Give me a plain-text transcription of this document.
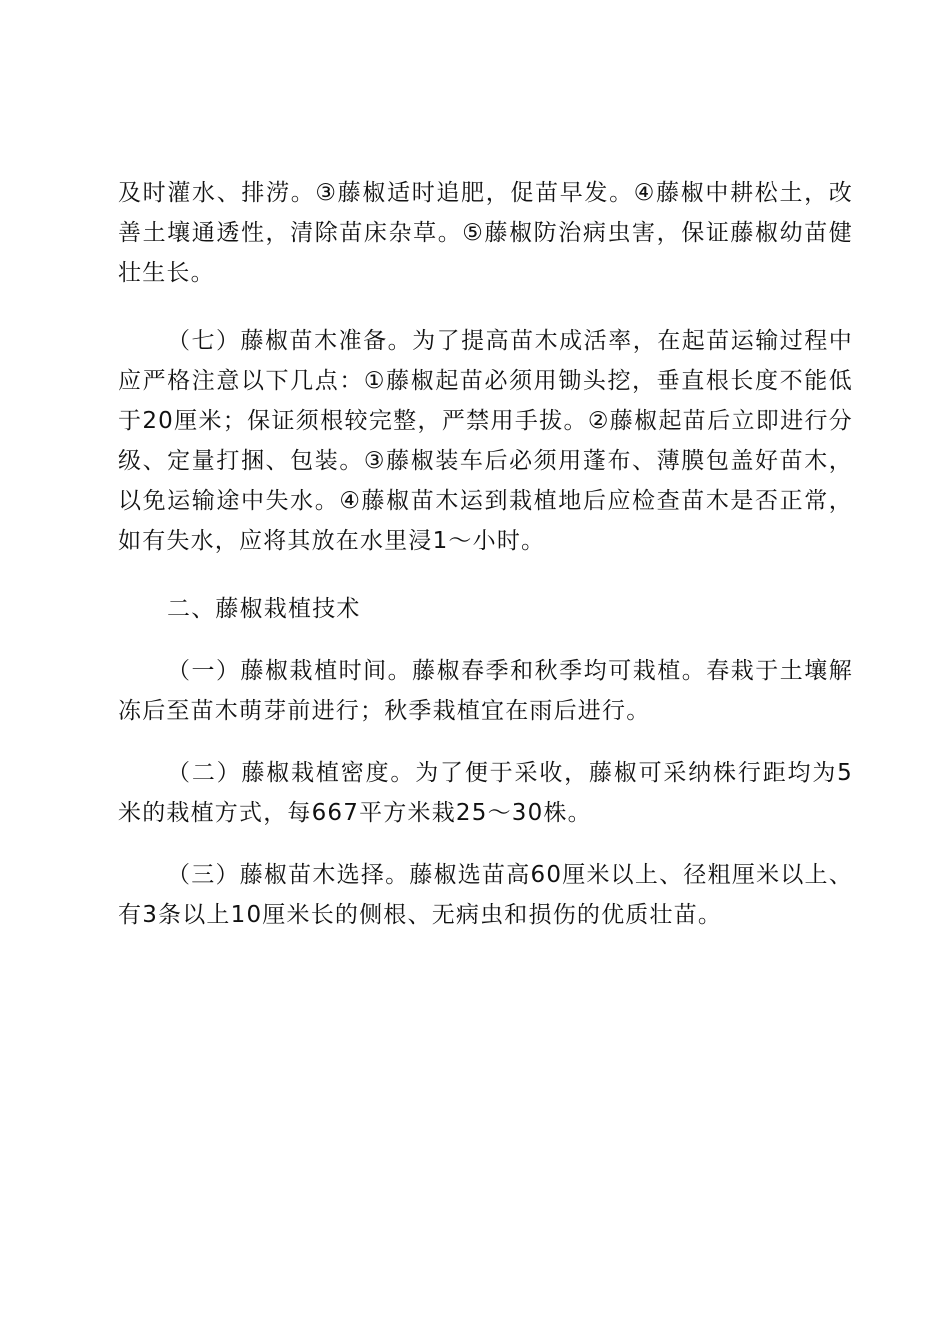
及时灌水、排涝。③藤椒适时追肥，促苗早发。④藤椒中耕松土，改善土壤通透性，清除苗床杂草。⑤藤椒防治病虫害，保证藤椒幼苗健壮生长。

（七）藤椒苗木准备。为了提高苗木成活率，在起苗运输过程中应严格注意以下几点：①藤椒起苗必须用锄头挖，垂直根长度不能低于20厘米；保证须根较完整，严禁用手拔。②藤椒起苗后立即进行分级、定量打捆、包装。③藤椒装车后必须用蓬布、薄膜包盖好苗木，以免运输途中失水。④藤椒苗木运到栽植地后应检查苗木是否正常，如有失水，应将其放在水里浸1～小时。

二、藤椒栽植技术

（一）藤椒栽植时间。藤椒春季和秋季均可栽植。春栽于土壤解冻后至苗木萌芽前进行；秋季栽植宜在雨后进行。

（二）藤椒栽植密度。为了便于采收，藤椒可采纳株行距均为5米的栽植方式，每667平方米栽25～30株。

（三）藤椒苗木选择。藤椒选苗高60厘米以上、径粗厘米以上、有3条以上10厘米长的侧根、无病虫和损伤的优质壮苗。
